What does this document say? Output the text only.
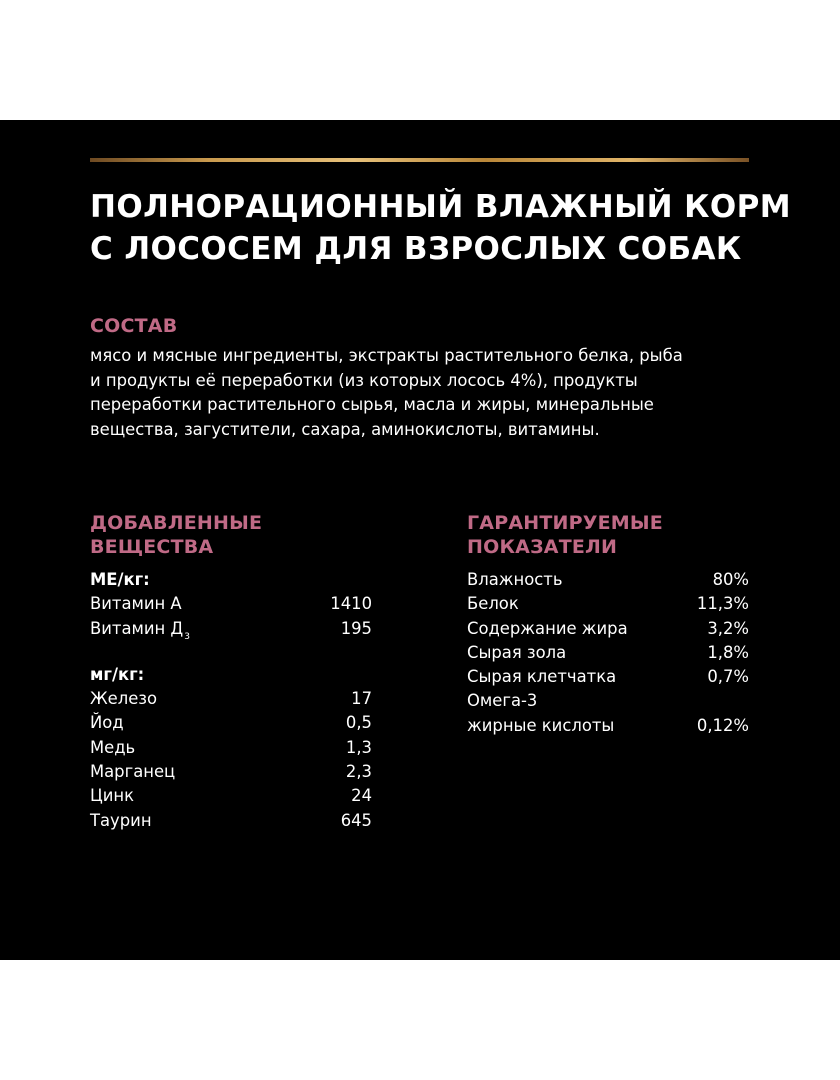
ПОЛНОРАЦИОННЫЙ ВЛАЖНЫЙ КОРМ
С ЛОСОСЕМ ДЛЯ ВЗРОСЛЫХ СОБАК
СОСТАВ

мясо и мясные ингредиенты, экстракты растительного белка, рыба
и продукты её переработки (из которых лосось 4%), продукты
переработки растительного сырья, масла и жиры, минеральные
вещества, загустители, сахара, аминокислоты, витамины.

ДОБАВЛЕННЫЕ
ВЕЩЕСТВА
ГАРАНТИРУЕМЫЕ
ПОКАЗАТЕЛИ
МЕ/кг:
Витамин А	1410
Витамин $Д_3$	195
мг/кг:
Железо	17
Йод	0,5
Медь	1,3
Марганец	2,3
Цинк	24
Таурин	645
Влажность	80%
Белок	11,3%
Содержание жира	3,2%
Сырая зола	1,8%
Сырая клетчатка	0,7%
Омега-3
жирные кислоты	0,12%
